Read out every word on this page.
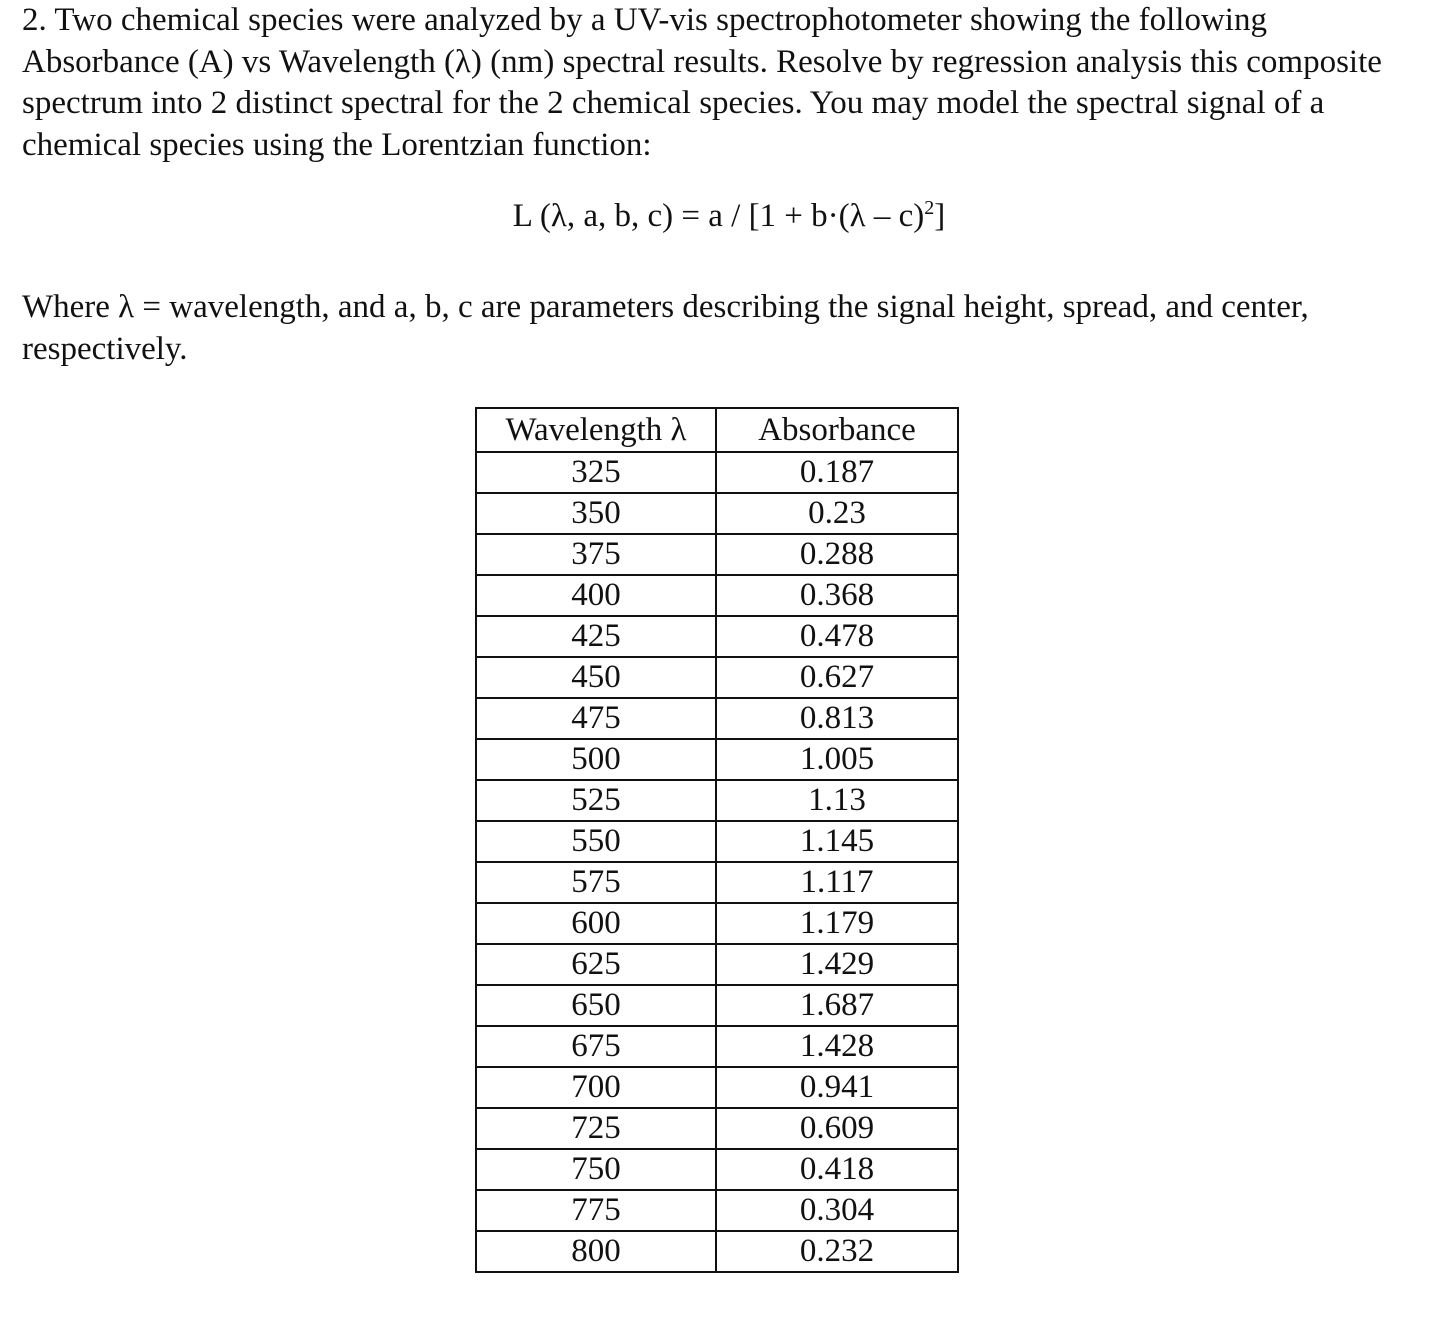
2. Two chemical species were analyzed by a UV-vis spectrophotometer showing the following Absorbance (A) vs Wavelength (λ) (nm) spectral results. Resolve by regression analysis this composite spectrum into 2 distinct spectral for the 2 chemical species. You may model the spectral signal of a chemical species using the Lorentzian function:

L (λ, a, b, c) = a / [1 + b·(λ – c)$^2$]

Where λ = wavelength, and a, b, c are parameters describing the signal height, spread, and center, respectively.

Wavelength λ	Absorbance
325	0.187
350	0.23
375	0.288
400	0.368
425	0.478
450	0.627
475	0.813
500	1.005
525	1.13
550	1.145
575	1.117
600	1.179
625	1.429
650	1.687
675	1.428
700	0.941
725	0.609
750	0.418
775	0.304
800	0.232
